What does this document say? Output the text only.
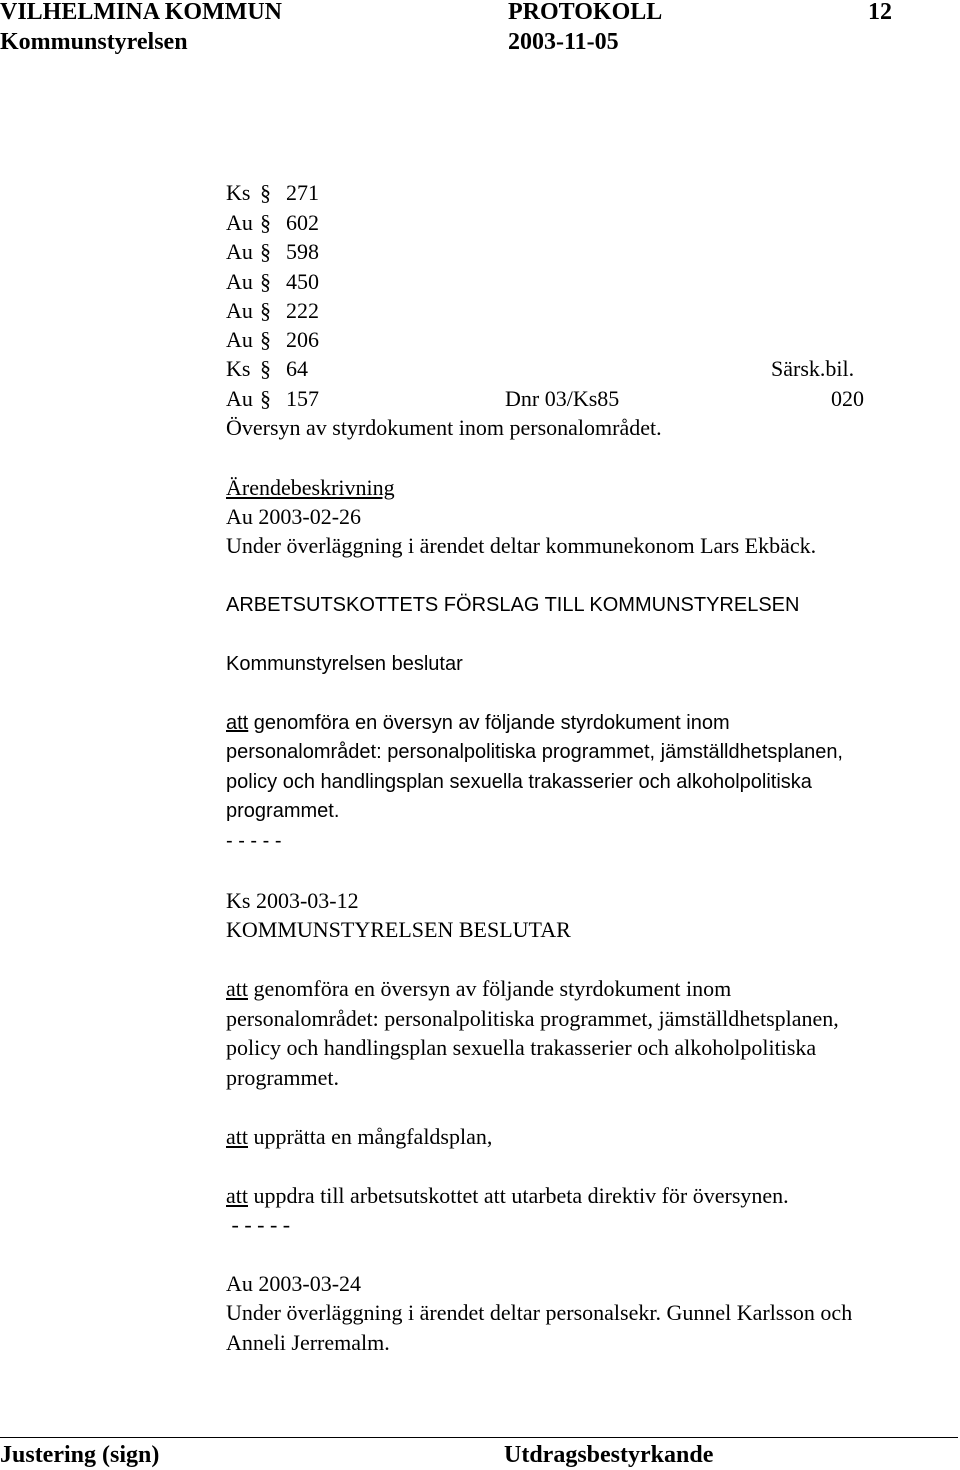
VILHELMINA KOMMUN	PROTOKOLL	12
Kommunstyrelsen	2003-11-05
Ks § 271
Au § 602
Au § 598
Au § 450
Au § 222
Au § 206
Ks § 64	Särsk.bil.
Au § 157	Dnr 03/Ks85	020
Översyn av styrdokument inom personalområdet.
Ärendebeskrivning
Au 2003-02-26
Under överläggning i ärendet deltar kommunekonom Lars Ekbäck.
ARBETSUTSKOTTETS FÖRSLAG TILL KOMMUNSTYRELSEN
Kommunstyrelsen beslutar
att genomföra en översyn av följande styrdokument inom
personalområdet: personalpolitiska programmet, jämställdhetsplanen,
policy och handlingsplan sexuella trakasserier och alkoholpolitiska
programmet.
- - - - -
Ks 2003-03-12
KOMMUNSTYRELSEN BESLUTAR
att genomföra en översyn av följande styrdokument inom
personalområdet: personalpolitiska programmet, jämställdhetsplanen,
policy och handlingsplan sexuella trakasserier och alkoholpolitiska
programmet.
att upprätta en mångfaldsplan,
att uppdra till arbetsutskottet att utarbeta direktiv för översynen.
- - - - -
Au 2003-03-24
Under överläggning i ärendet deltar personalsekr. Gunnel Karlsson och
Anneli Jerremalm.
Justering (sign)	Utdragsbestyrkande
